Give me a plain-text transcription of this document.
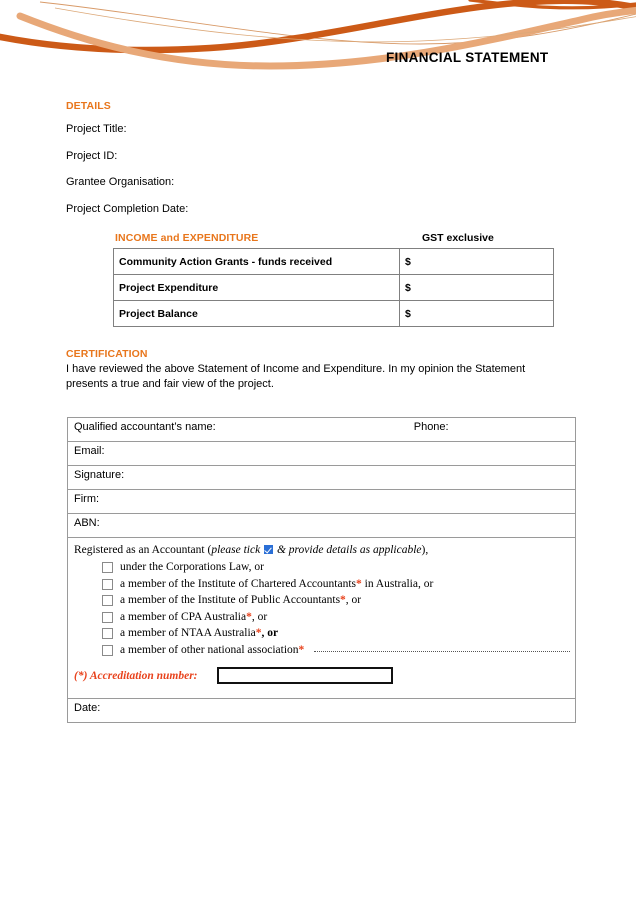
FINANCIAL STATEMENT
DETAILS
Project Title:
Project ID:
Grantee Organisation:
Project Completion Date:
INCOME and EXPENDITURE	GST exclusive
Community Action Grants - funds received	$
Project Expenditure	$
Project Balance	$
CERTIFICATION
I have reviewed the above Statement of Income and Expenditure. In my opinion the Statement presents a true and fair view of the project.
Qualified accountant’s name:	Phone:
Email:
Signature:
Firm:
ABN:

Registered as an Accountant (please tick  & provide details as applicable),

under the Corporations Law, or
a member of the Institute of Chartered Accountants* in Australia, or
a member of the Institute of Public Accountants*, or
a member of CPA Australia*, or
a member of NTAA Australia*, or
a member of other national association*
(*) Accreditation number:

Date:
